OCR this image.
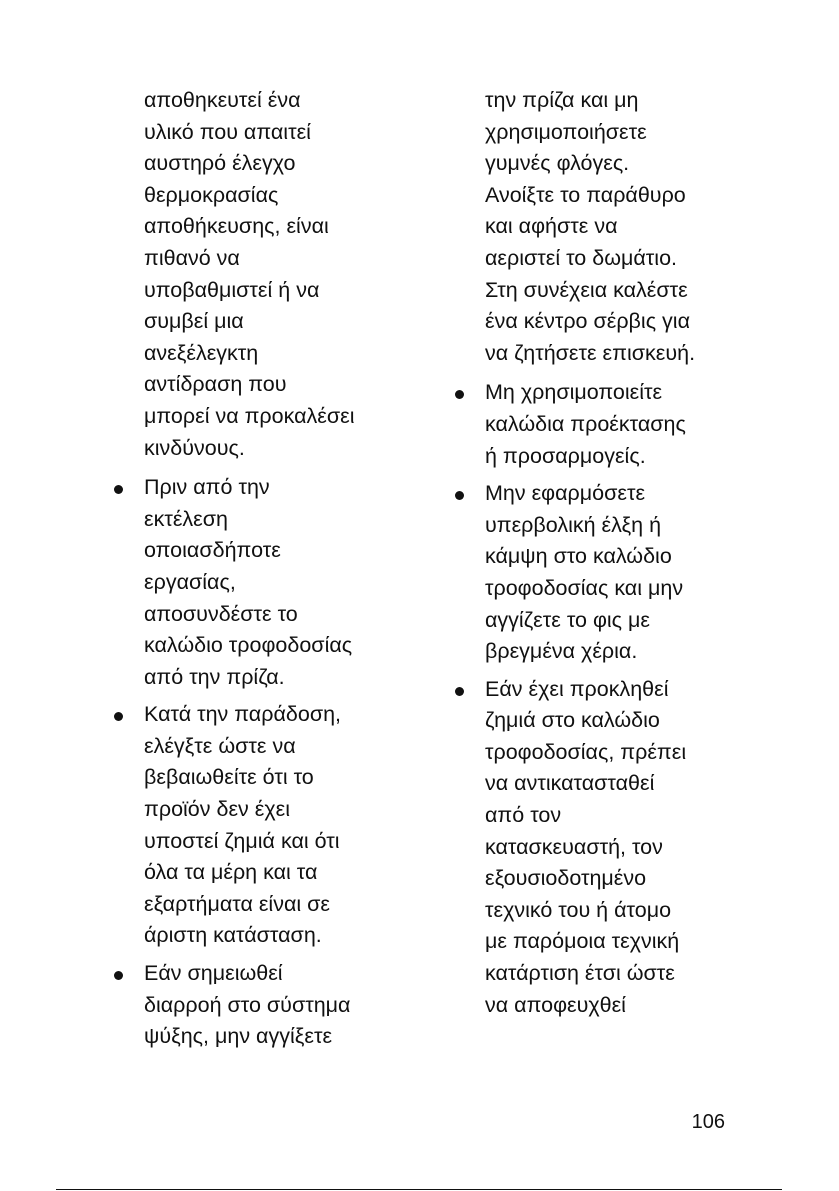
αποθηκευτεί ένα
υλικό που απαιτεί
αυστηρό έλεγχο
θερμοκρασίας
αποθήκευσης, είναι
πιθανό να
υποβαθμιστεί ή να
συμβεί μια
ανεξέλεγκτη
αντίδραση που
μπορεί να προκαλέσει
κινδύνους.

Πριν από την
εκτέλεση
οποιασδήποτε
εργασίας,
αποσυνδέστε το
καλώδιο τροφοδοσίας
από την πρίζα.
Κατά την παράδοση,
ελέγξτε ώστε να
βεβαιωθείτε ότι το
προϊόν δεν έχει
υποστεί ζημιά και ότι
όλα τα μέρη και τα
εξαρτήματα είναι σε
άριστη κατάσταση.
Εάν σημειωθεί
διαρροή στο σύστημα
ψύξης, μην αγγίξετε

την πρίζα και μη
χρησιμοποιήσετε
γυμνές φλόγες.
Ανοίξτε το παράθυρο
και αφήστε να
αεριστεί το δωμάτιο.
Στη συνέχεια καλέστε
ένα κέντρο σέρβις για
να ζητήσετε επισκευή.

Μη χρησιμοποιείτε
καλώδια προέκτασης
ή προσαρμογείς.
Μην εφαρμόσετε
υπερβολική έλξη ή
κάμψη στο καλώδιο
τροφοδοσίας και μην
αγγίζετε το φις με
βρεγμένα χέρια.
Εάν έχει προκληθεί
ζημιά στο καλώδιο
τροφοδοσίας, πρέπει
να αντικατασταθεί
από τον
κατασκευαστή, τον
εξουσιοδοτημένο
τεχνικό του ή άτομο
με παρόμοια τεχνική
κατάρτιση έτσι ώστε
να αποφευχθεί
106
